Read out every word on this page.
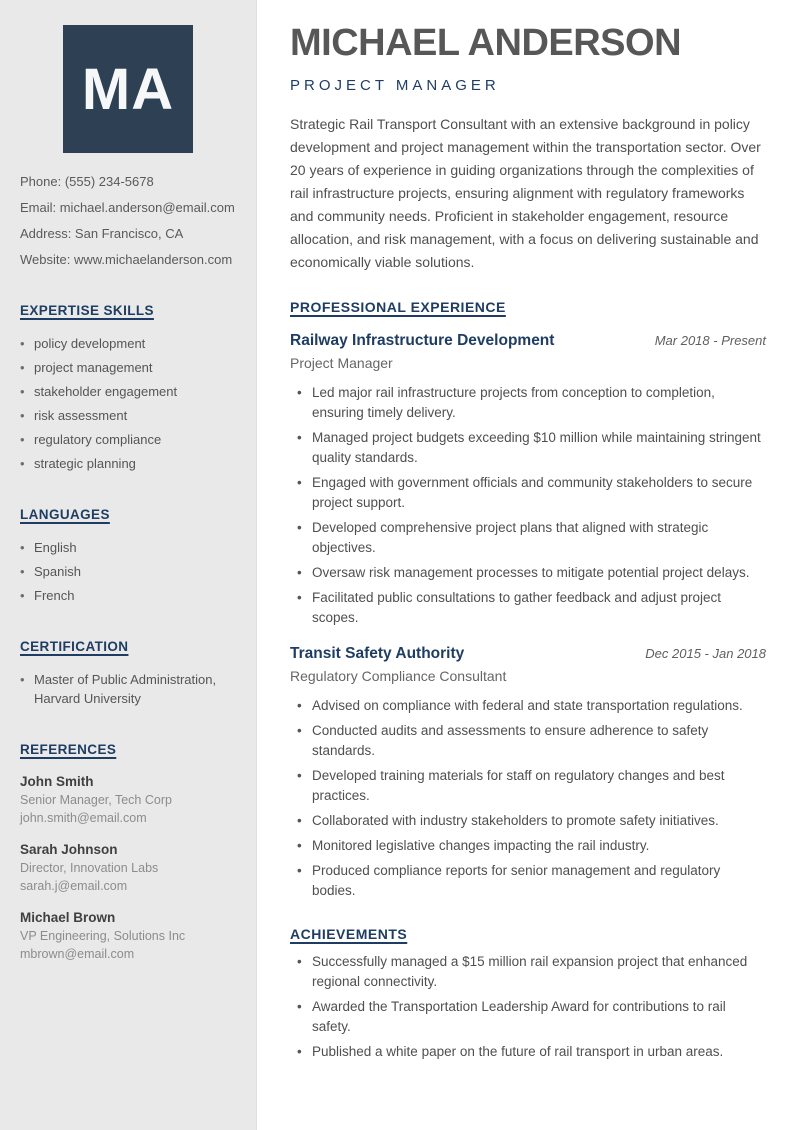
MA
Phone: (555) 234-5678
Email: michael.anderson@email.com
Address: San Francisco, CA
Website: www.michaelanderson.com
EXPERTISE SKILLS
• policy development
• project management
• stakeholder engagement
• risk assessment
• regulatory compliance
• strategic planning
LANGUAGES
• English
• Spanish
• French
CERTIFICATION
• Master of Public Administration, Harvard University
REFERENCES
John Smith
Senior Manager, Tech Corp
john.smith@email.com
Sarah Johnson
Director, Innovation Labs
sarah.j@email.com
Michael Brown
VP Engineering, Solutions Inc
mbrown@email.com
MICHAEL ANDERSON
PROJECT MANAGER

Strategic Rail Transport Consultant with an extensive background in policy development and project management within the transportation sector. Over 20 years of experience in guiding organizations through the complexities of rail infrastructure projects, ensuring alignment with regulatory frameworks and community needs. Proficient in stakeholder engagement, resource allocation, and risk management, with a focus on delivering sustainable and economically viable solutions.

PROFESSIONAL EXPERIENCE
Railway Infrastructure Development	Mar 2018 - Present
Project Manager
• Led major rail infrastructure projects from conception to completion, ensuring timely delivery.
• Managed project budgets exceeding $10 million while maintaining stringent quality standards.
• Engaged with government officials and community stakeholders to secure project support.
• Developed comprehensive project plans that aligned with strategic objectives.
• Oversaw risk management processes to mitigate potential project delays.
• Facilitated public consultations to gather feedback and adjust project scopes.
Transit Safety Authority	Dec 2015 - Jan 2018
Regulatory Compliance Consultant
• Advised on compliance with federal and state transportation regulations.
• Conducted audits and assessments to ensure adherence to safety standards.
• Developed training materials for staff on regulatory changes and best practices.
• Collaborated with industry stakeholders to promote safety initiatives.
• Monitored legislative changes impacting the rail industry.
• Produced compliance reports for senior management and regulatory bodies.
ACHIEVEMENTS
• Successfully managed a $15 million rail expansion project that enhanced regional connectivity.
• Awarded the Transportation Leadership Award for contributions to rail safety.
• Published a white paper on the future of rail transport in urban areas.
